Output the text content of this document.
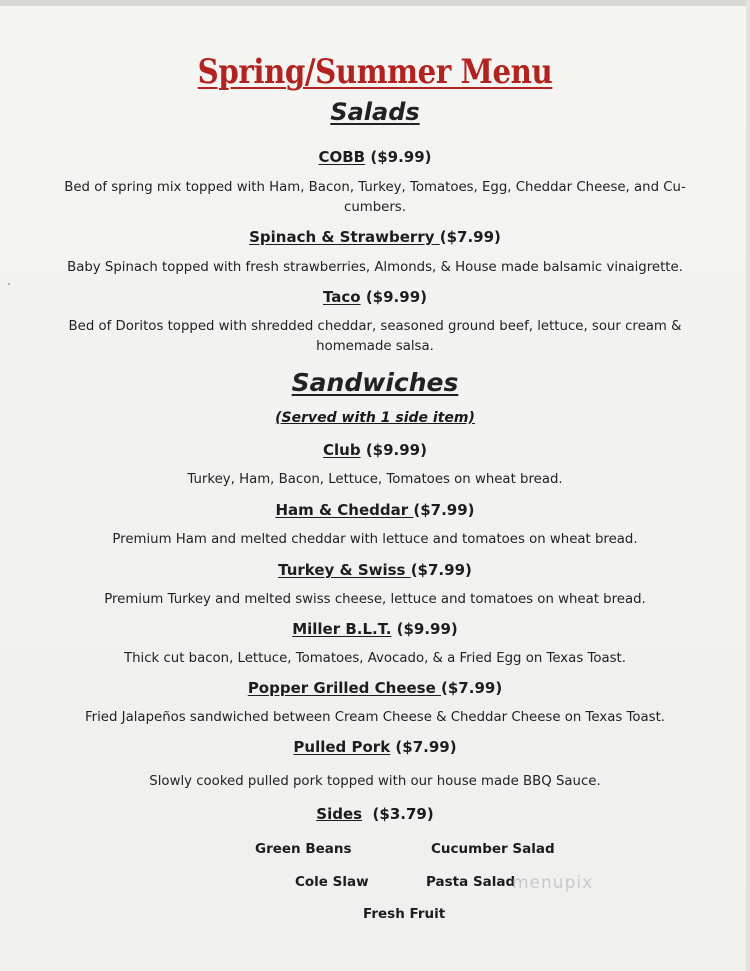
Spring/Summer Menu
Salads
COBB ($9.99)
Bed of spring mix topped with Ham, Bacon, Turkey, Tomatoes, Egg, Cheddar Cheese, and Cu-cumbers.
Spinach & Strawberry ($7.99)
Baby Spinach topped with fresh strawberries, Almonds, & House made balsamic vinaigrette.
Taco ($9.99)
Bed of Doritos topped with shredded cheddar, seasoned ground beef, lettuce, sour cream & homemade salsa.
Sandwiches
(Served with 1 side item)
Club ($9.99)
Turkey, Ham, Bacon, Lettuce, Tomatoes on wheat bread.
Ham & Cheddar ($7.99)
Premium Ham and melted cheddar with lettuce and tomatoes on wheat bread.
Turkey & Swiss ($7.99)
Premium Turkey and melted swiss cheese, lettuce and tomatoes on wheat bread.
Miller B.L.T. ($9.99)
Thick cut bacon, Lettuce, Tomatoes, Avocado, & a Fried Egg on Texas Toast.
Popper Grilled Cheese ($7.99)
Fried Jalapeños sandwiched between Cream Cheese & Cheddar Cheese on Texas Toast.
Pulled Pork ($7.99)
Slowly cooked pulled pork topped with our house made BBQ Sauce.
Sides  ($3.79)
Green Beans	Cucumber Salad
Cole Slaw	Pasta Salad
Fresh Fruit
menupix
